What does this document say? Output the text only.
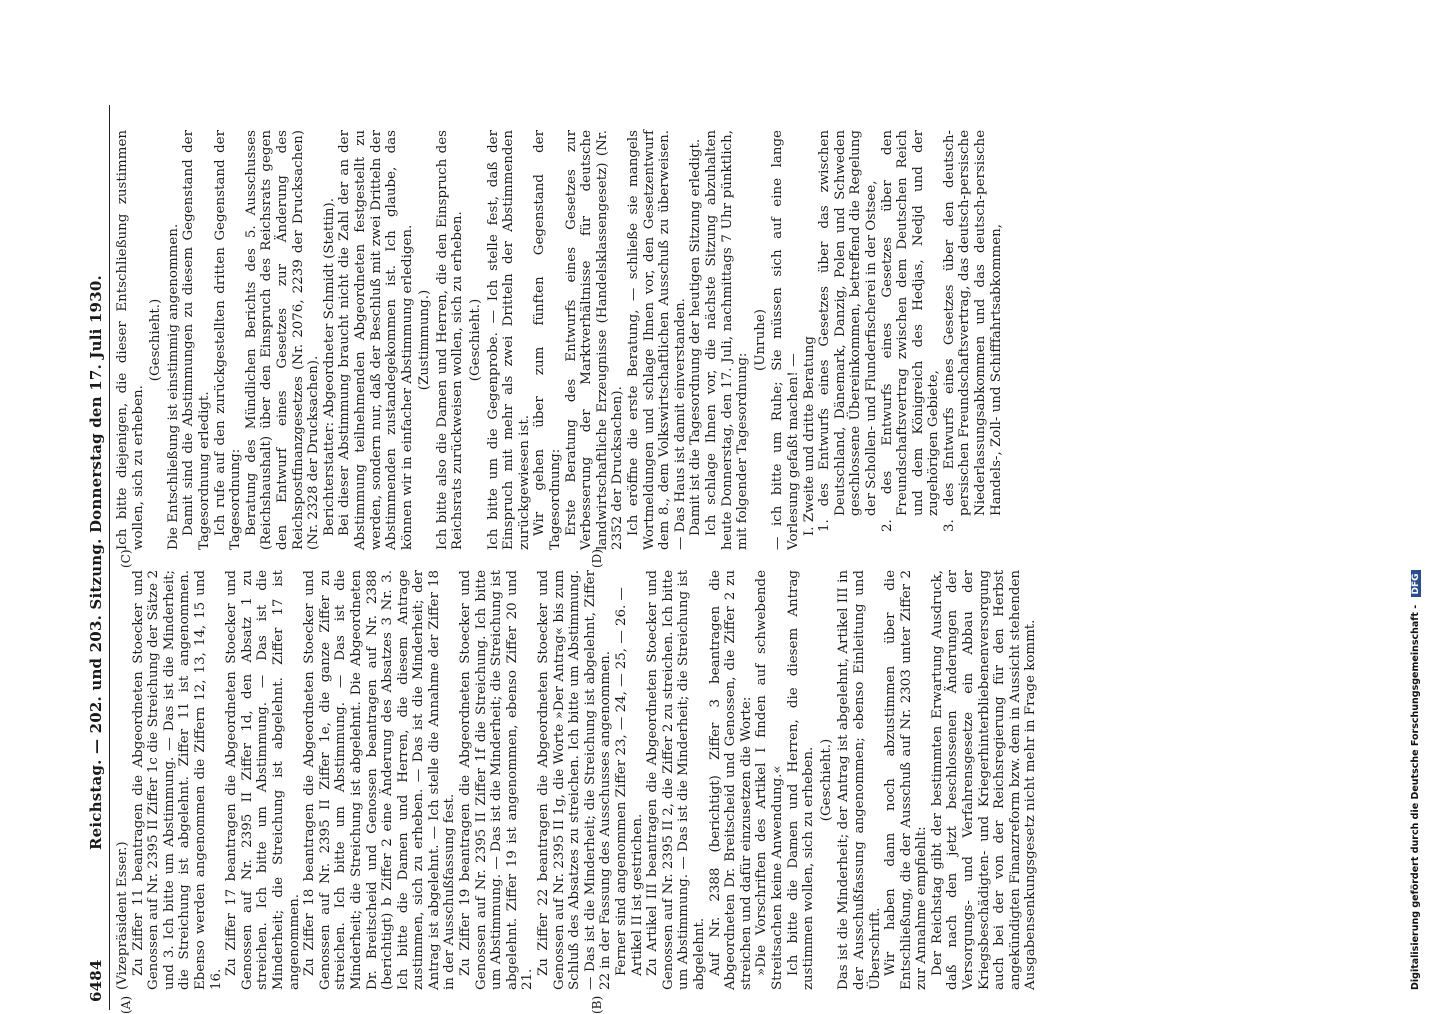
6484
Reichstag. — 202. und 203. Sitzung. Donnerstag den 17. Juli 1930.
(A)	(B)
(C)	(D)

(Vizepräsident Esser.) Zu Ziffer 11 beantragen die Abgeordneten Stoecker und Genossen auf Nr. 2395 II Ziffer 1c die Streichung der Sätze 2 und 3. Ich bitte um Abstimmung. — Das ist die Minderheit; die Streichung ist abgelehnt. Ziffer 11 ist angenommen. Ebenso werden angenommen die Ziffern 12, 13, 14, 15 und 16.

Zu Ziffer 17 beantragen die Abgeordneten Stoecker und Genossen auf Nr. 2395 II Ziffer 1d, den Absatz 1 zu streichen. Ich bitte um Abstimmung. — Das ist die Minderheit; die Streichung ist abgelehnt. Ziffer 17 ist angenommen. Zu Ziffer 18 beantragen die Abgeordneten Stoecker und Genossen auf Nr. 2395 II Ziffer 1e, die ganze Ziffer zu streichen. Ich bitte um Abstimmung. — Das ist die Minderheit; die Streichung ist abgelehnt. Die Abgeordneten Dr. Breitscheid und Genossen beantragen auf Nr. 2388 (berichtigt) b Ziffer 2 eine Änderung des Absatzes 3 Nr. 3. Ich bitte die Damen und Herren, die diesem Antrage zustimmen, sich zu erheben. — Das ist die Minderheit; der Antrag ist abgelehnt. — Ich stelle die Annahme der Ziffer 18 in der Ausschußfassung fest. Zu Ziffer 19 beantragen die Abgeordneten Stoecker und Genossen auf Nr. 2395 II Ziffer 1f die Streichung. Ich bitte um Abstimmung. — Das ist die Minderheit; die Streichung ist abgelehnt. Ziffer 19 ist angenommen, ebenso Ziffer 20 und 21.

Zu Ziffer 22 beantragen die Abgeordneten Stoecker und Genossen auf Nr. 2395 II 1g, die Worte »Der Antrag« bis zum Schluß des Absatzes zu streichen. Ich bitte um Abstimmung. — Das ist die Minderheit; die Streichung ist abgelehnt, Ziffer 22 in der Fassung des Ausschusses angenommen. Ferner sind angenommen Ziffer 23, — 24, — 25, — 26. — Artikel II ist gestrichen. Zu Artikel III beantragen die Abgeordneten Stoecker und Genossen auf Nr. 2395 II 2, die Ziffer 2 zu streichen. Ich bitte um Abstimmung. — Das ist die Minderheit; die Streichung ist abgelehnt. Auf Nr. 2388 (berichtigt) Ziffer 3 beantragen die Abgeordneten Dr. Breitscheid und Genossen, die Ziffer 2 zu streichen und dafür einzusetzen die Worte: »Die Vorschriften des Artikel I finden auf schwebende Streitsachen keine Anwendung.« Ich bitte die Damen und Herren, die diesem Antrag zustimmen wollen, sich zu erheben. (Geschieht.) Das ist die Minderheit; der Antrag ist abgelehnt, Artikel III in der Ausschußfassung angenommen; ebenso Einleitung und Überschrift. Wir haben dann noch abzustimmen über die Entschließung, die der Ausschuß auf Nr. 2303 unter Ziffer 2 zur Annahme empfiehlt: Der Reichstag gibt der bestimmten Erwartung Ausdruck, daß nach den jetzt beschlossenen Änderungen der Versorgungs- und Verfahrensgesetze ein Abbau der Kriegsbeschädigten- und Kriegerhinterbliebenenversorgung auch bei der von der Reichsregierung für den Herbst angekündigten Finanzreform bzw. dem in Aussicht stehenden Ausgabensenkungsgesetz nicht mehr in Frage kommt.

Ich bitte diejenigen, die dieser Entschließung zustimmen wollen, sich zu erheben.

(Geschieht.) Die Entschließung ist einstimmig angenommen. Damit sind die Abstimmungen zu diesem Gegenstand der Tagesordnung erledigt. Ich rufe auf den zurückgestellten dritten Gegenstand der Tagesordnung: Beratung des Mündlichen Berichts des 5. Ausschusses (Reichshaushalt) über den Einspruch des Reichsrats gegen den Entwurf eines Gesetzes zur Änderung des Reichspostfinanzgesetzes (Nr. 2076, 2239 der Drucksachen) (Nr. 2328 der Drucksachen). Berichterstatter: Abgeordneter Schmidt (Stettin). Bei dieser Abstimmung braucht nicht die Zahl der an der Abstimmung teilnehmenden Abgeordneten festgestellt zu werden, sondern nur, daß der Beschluß mit zwei Dritteln der Abstimmenden zustandegekommen ist. Ich glaube, das können wir in einfacher Abstimmung erledigen. (Zustimmung.) Ich bitte also die Damen und Herren, die den Einspruch des Reichsrats zurückweisen wollen, sich zu erheben. (Geschieht.) Ich bitte um die Gegenprobe. — Ich stelle fest, daß der Einspruch mit mehr als zwei Dritteln der Abstimmenden zurückgewiesen ist. Wir gehen über zum fünften Gegenstand der Tagesordnung: Erste Beratung des Entwurfs eines Gesetzes zur Verbesserung der Marktverhältnisse für deutsche landwirtschaftliche Erzeugnisse (Handelsklassengesetz) (Nr. 2352 der Drucksachen). Ich eröffne die erste Beratung, — schließe sie mangels Wortmeldungen und schlage Ihnen vor, den Gesetzentwurf dem 8., dem Volkswirtschaftlichen Ausschuß zu überweisen. — Das Haus ist damit einverstanden. Damit ist die Tagesordnung der heutigen Sitzung erledigt. Ich schlage Ihnen vor, die nächste Sitzung abzuhalten heute Donnerstag, den 17. Juli, nachmittags 7 Uhr pünktlich, mit folgender Tagesordnung:

(Unruhe) — ich bitte um Ruhe; Sie müssen sich auf eine lange Vorlesung gefaßt machen! — I. Zweite und dritte Beratung 1. des Entwurfs eines Gesetzes über das zwischen Deutschland, Dänemark, Danzig, Polen und Schweden geschlossene Übereinkommen, betreffend die Regelung der Schollen- und Flunderfischerei in der Ostsee, 2. des Entwurfs eines Gesetzes über den Freundschaftsvertrag zwischen dem Deutschen Reich und dem Königreich des Hedjas, Nedjd und der zugehörigen Gebiete, 3. des Entwurfs eines Gesetzes über den deutsch-persischen Freundschaftsvertrag, das deutsch-persische Niederlassungsabkommen und das deutsch-persische Handels-, Zoll- und Schifffahrtsabkommen,

Digitalisierung gefördert durch die Deutsche Forschungsgemeinschaft - DFG
